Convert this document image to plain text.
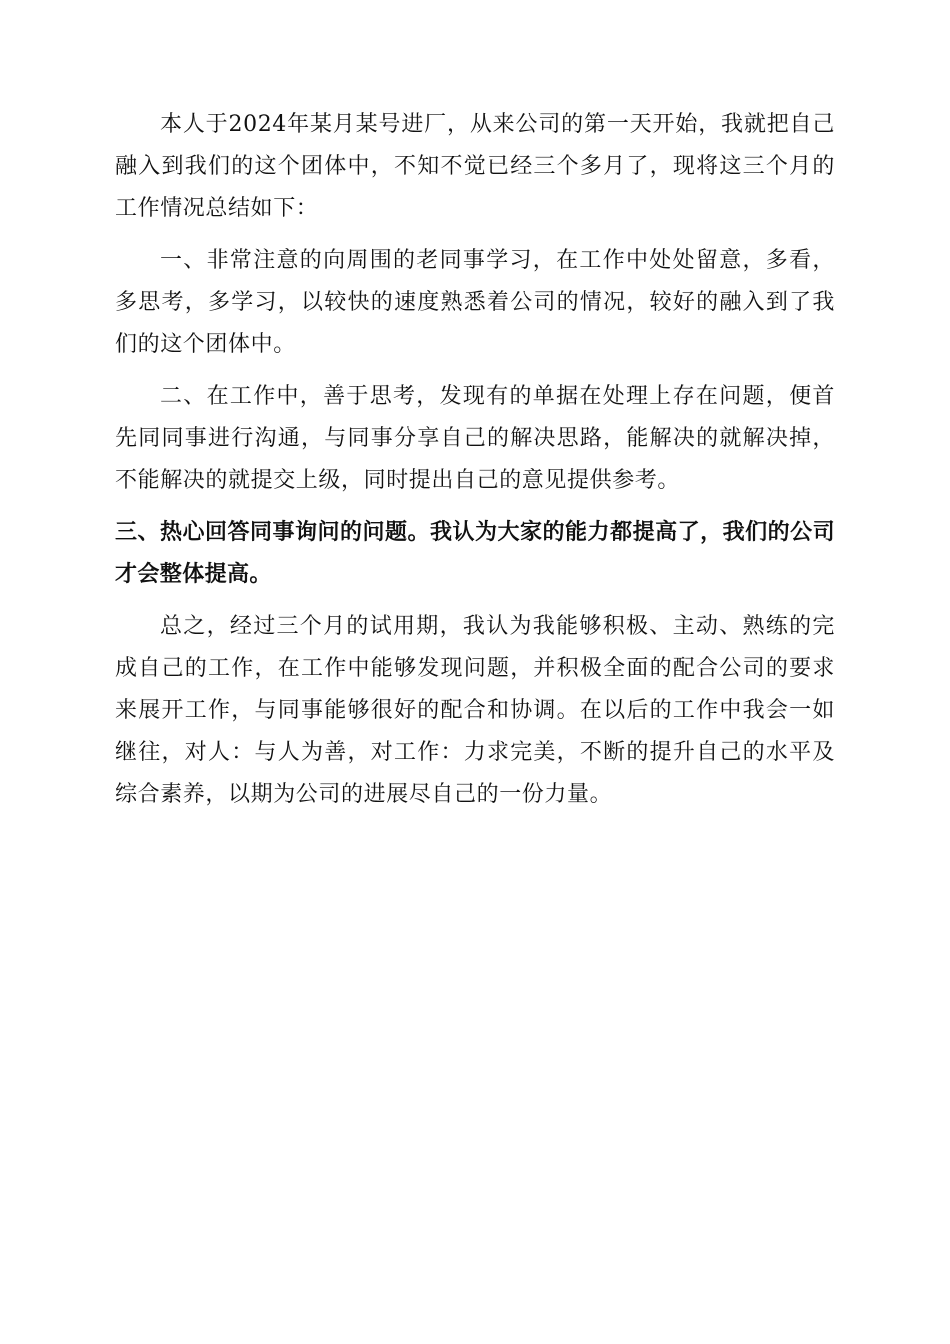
本人于2024年某月某号进厂，从来公司的第一天开始，我就把自己融入到我们的这个团体中，不知不觉已经三个多月了，现将这三个月的工作情况总结如下：

一、非常注意的向周围的老同事学习，在工作中处处留意，多看，多思考，多学习，以较快的速度熟悉着公司的情况，较好的融入到了我们的这个团体中。

二、在工作中，善于思考，发现有的单据在处理上存在问题，便首先同同事进行沟通，与同事分享自己的解决思路，能解决的就解决掉，不能解决的就提交上级，同时提出自己的意见提供参考。

三、热心回答同事询问的问题。我认为大家的能力都提高了，我们的公司才会整体提高。

总之，经过三个月的试用期，我认为我能够积极、主动、熟练的完成自己的工作，在工作中能够发现问题，并积极全面的配合公司的要求来展开工作，与同事能够很好的配合和协调。在以后的工作中我会一如继往，对人：与人为善，对工作：力求完美，不断的提升自己的水平及综合素养，以期为公司的进展尽自己的一份力量。
